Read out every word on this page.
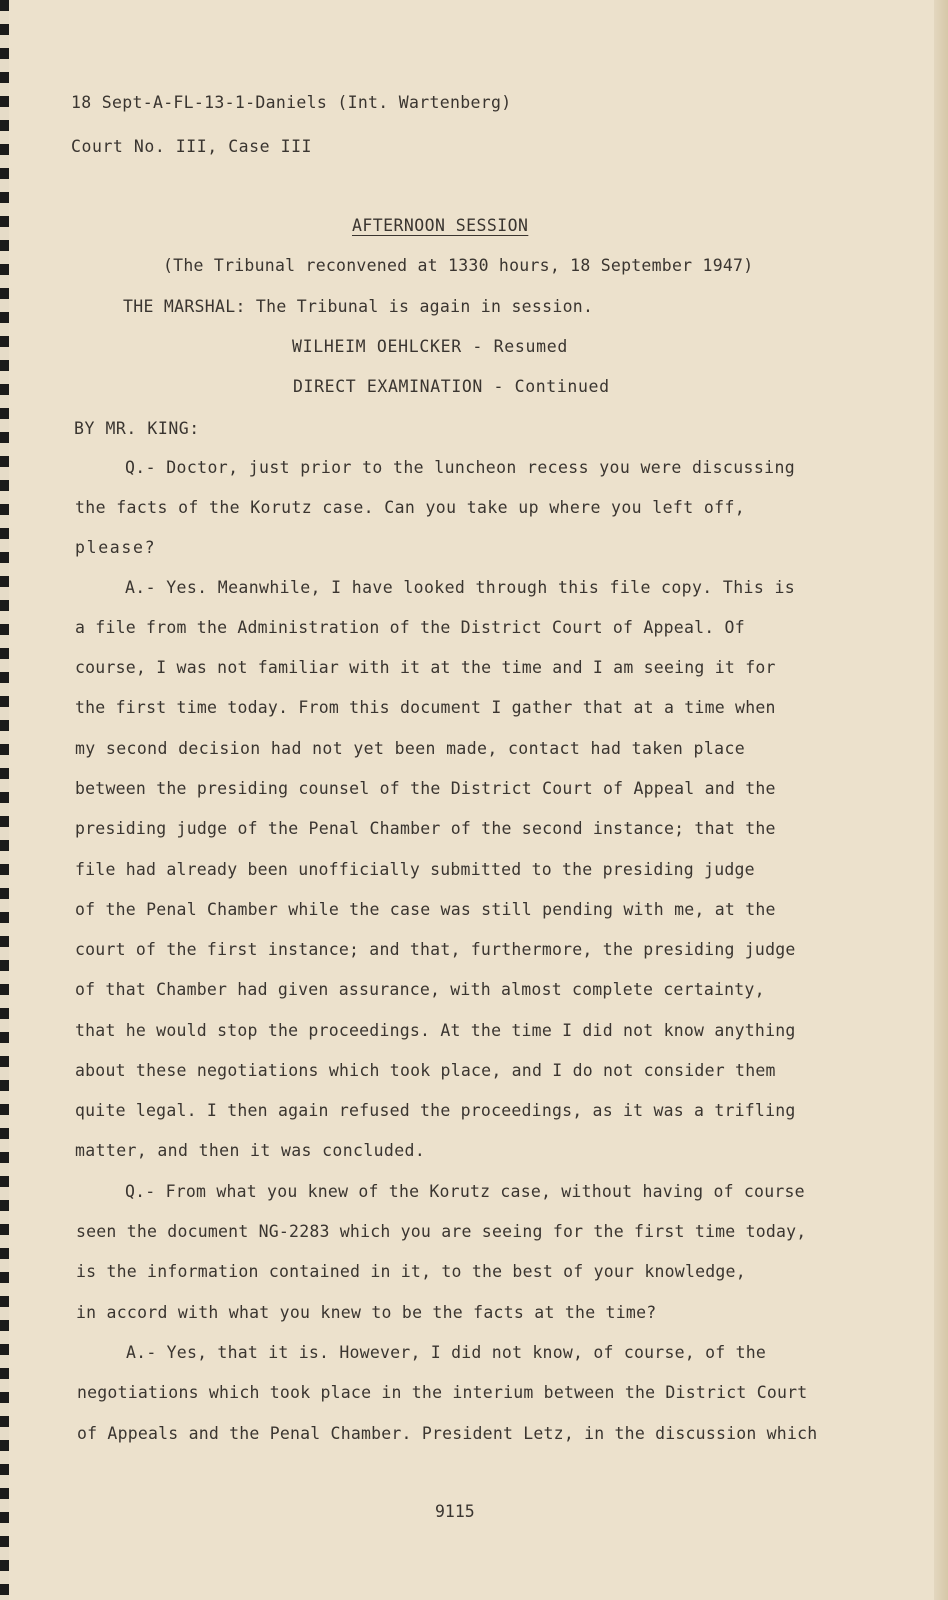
18 Sept-A-FL-13-1-Daniels (Int. Wartenberg)
Court No. III, Case III
AFTERNOON SESSION
(The Tribunal reconvened at 1330 hours, 18 September 1947)
THE MARSHAL: The Tribunal is again in session.
WILHEIM OEHLCKER - Resumed
DIRECT EXAMINATION - Continued
BY MR. KING:
Q.- Doctor, just prior to the luncheon recess you were discussing
the facts of the Korutz case. Can you take up where you left off,
please?
A.- Yes. Meanwhile, I have looked through this file copy. This is
a file from the Administration of the District Court of Appeal. Of
course, I was not familiar with it at the time and I am seeing it for
the first time today. From this document I gather that at a time when
my second decision had not yet been made, contact had taken place
between the presiding counsel of the District Court of Appeal and the
presiding judge of the Penal Chamber of the second instance; that the
file had already been unofficially submitted to the presiding judge
of the Penal Chamber while the case was still pending with me, at the
court of the first instance; and that, furthermore, the presiding judge
of that Chamber had given assurance, with almost complete certainty,
that he would stop the proceedings. At the time I did not know anything
about these negotiations which took place, and I do not consider them
quite legal. I then again refused the proceedings, as it was a trifling
matter, and then it was concluded.
Q.- From what you knew of the Korutz case, without having of course
seen the document NG-2283 which you are seeing for the first time today,
is the information contained in it, to the best of your knowledge,
in accord with what you knew to be the facts at the time?
A.- Yes, that it is. However, I did not know, of course, of the
negotiations which took place in the interium between the District Court
of Appeals and the Penal Chamber. President Letz, in the discussion which
9115
